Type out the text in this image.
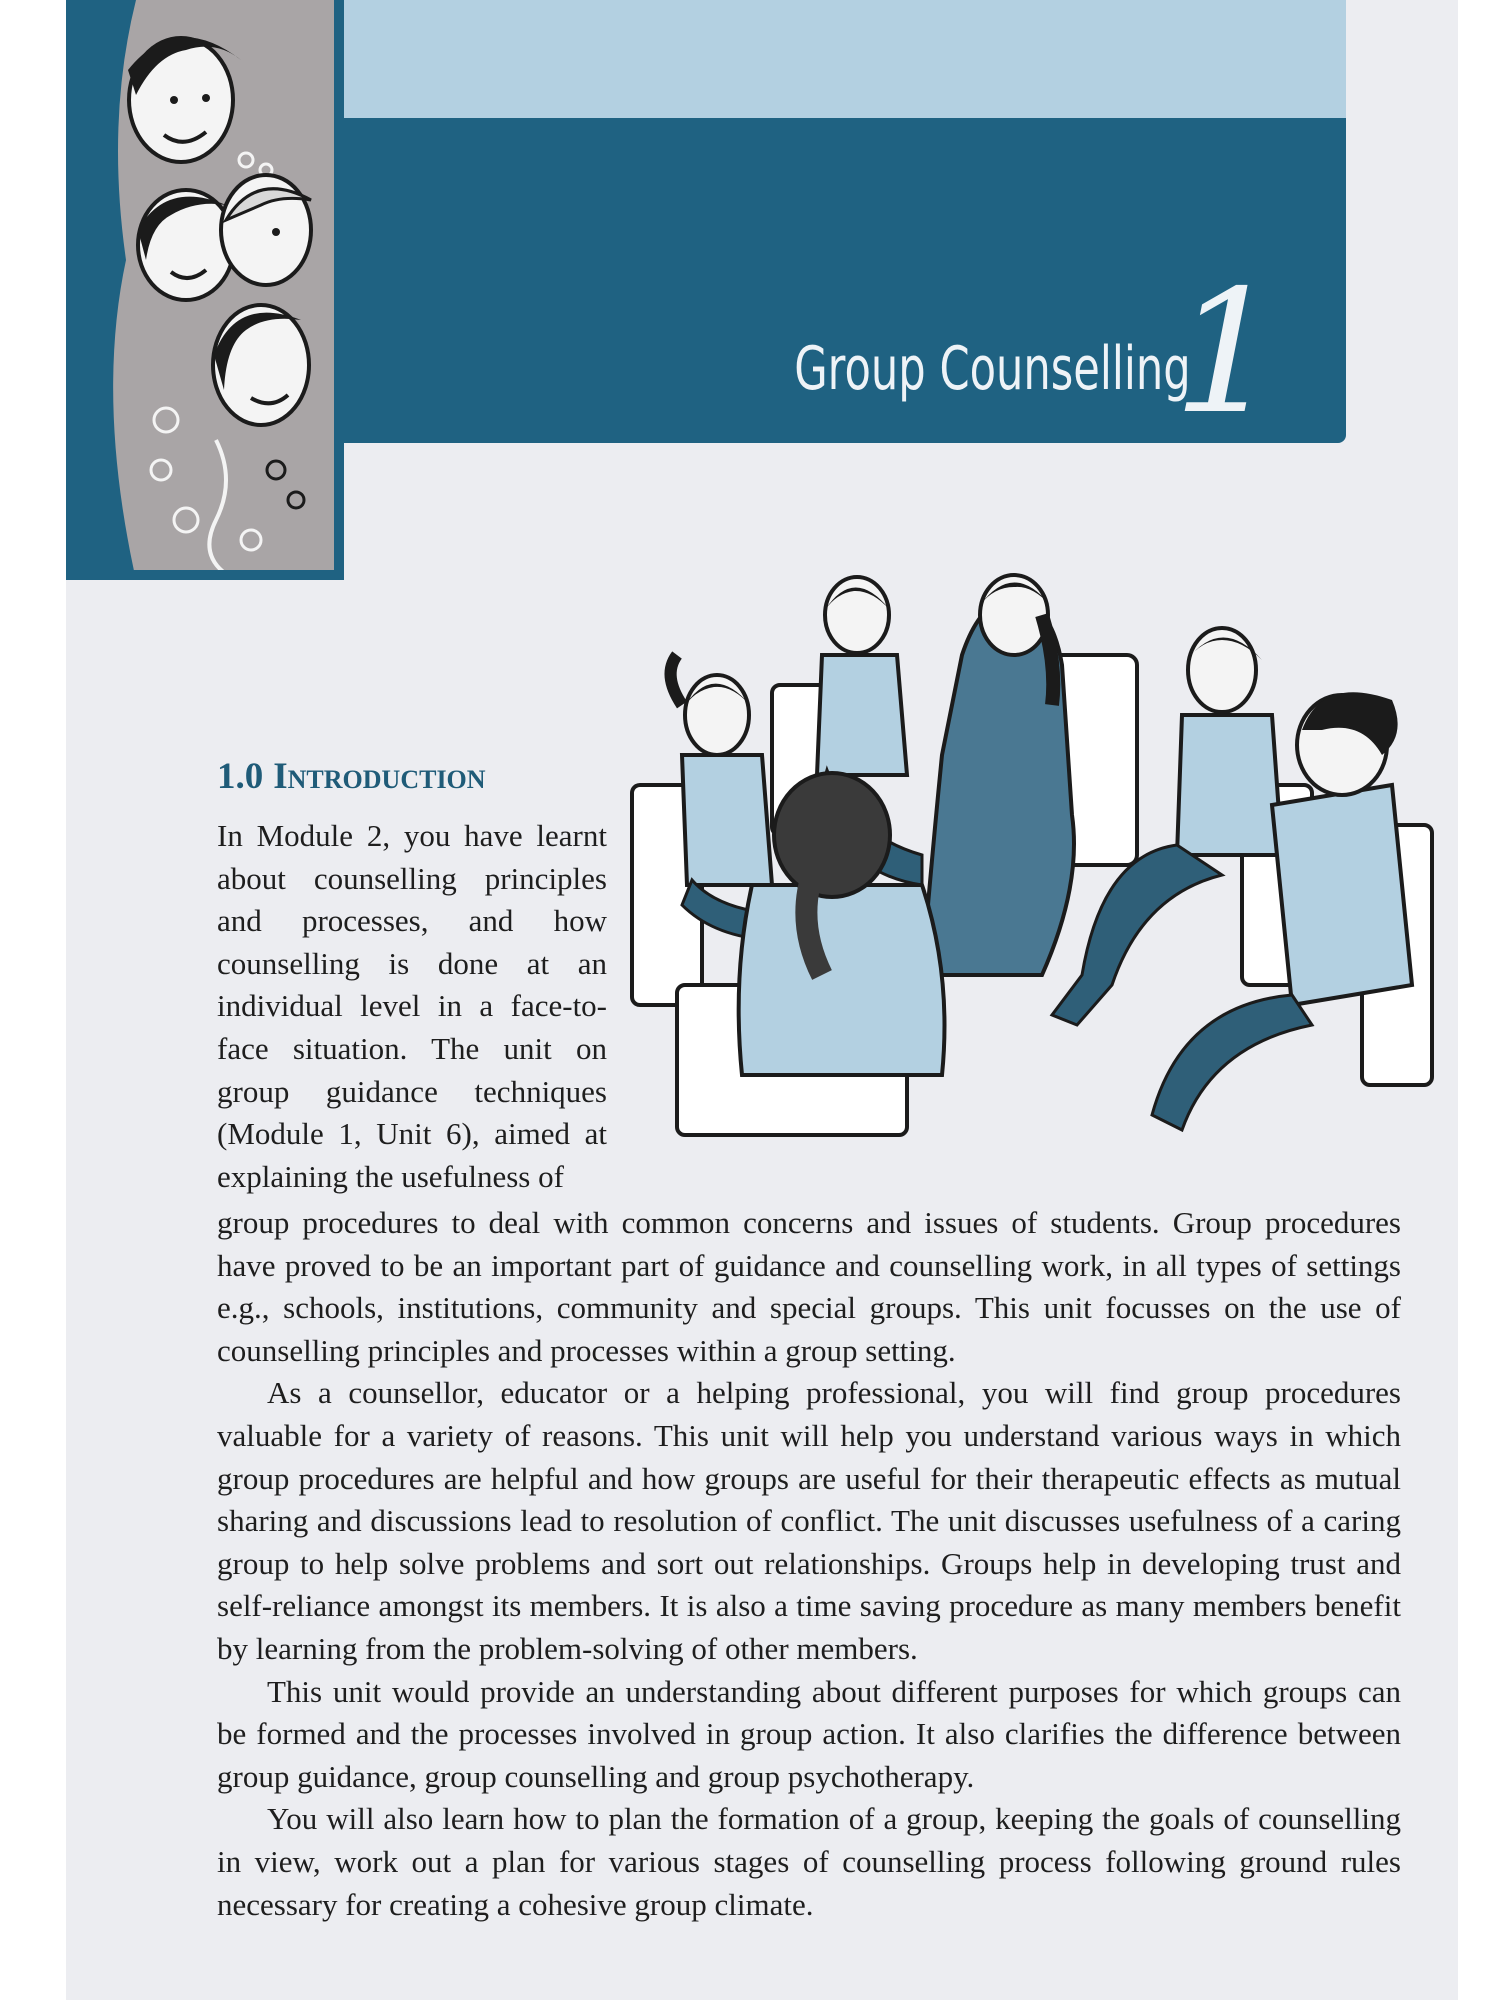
Group Counselling
1
1.0 Introduction
In Module 2, you have learnt about counselling principles and processes, and how counselling is done at an individual level in a face-to-face situation. The unit on group guidance techniques (Module 1, Unit 6), aimed at explaining the usefulness of

group procedures to deal with common concerns and issues of students. Group procedures have proved to be an important part of guidance and counselling work, in all types of settings e.g., schools, institutions, community and special groups. This unit focusses on the use of counselling principles and processes within a group setting.

As a counsellor, educator or a helping professional, you will find group procedures valuable for a variety of reasons. This unit will help you understand various ways in which group procedures are helpful and how groups are useful for their therapeutic effects as mutual sharing and discussions lead to resolution of conflict. The unit discusses usefulness of a caring group to help solve problems and sort out relationships. Groups help in developing trust and self-reliance amongst its members. It is also a time saving procedure as many members benefit by learning from the problem-solving of other members.

This unit would provide an understanding about different purposes for which groups can be formed and the processes involved in group action. It also clarifies the difference between group guidance, group counselling and group psychotherapy.

You will also learn how to plan the formation of a group, keeping the goals of counselling in view, work out a plan for various stages of counselling process following ground rules necessary for creating a cohesive group climate.
